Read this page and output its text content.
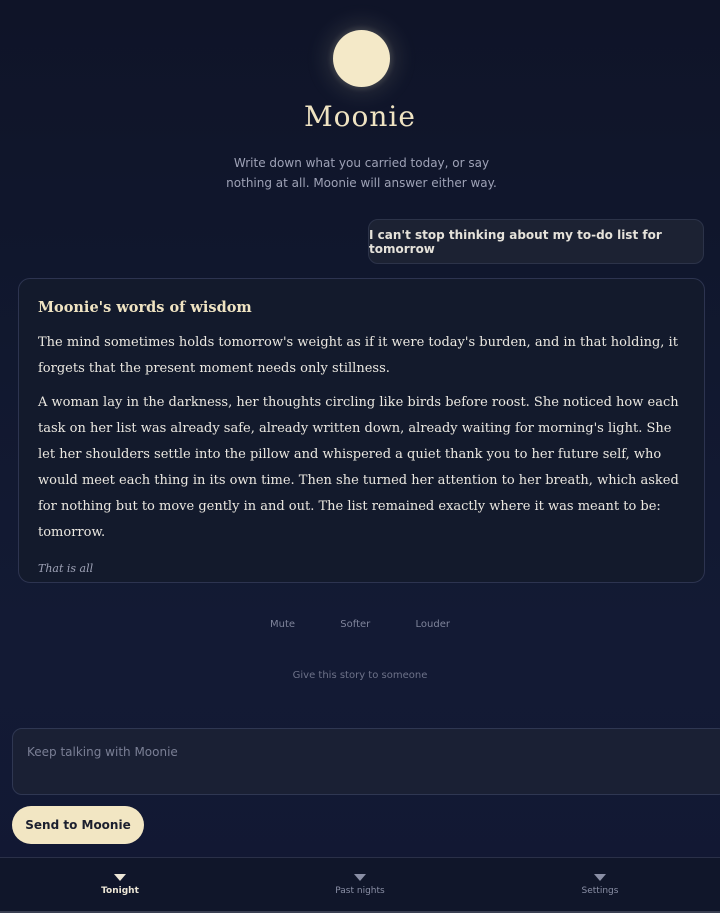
Moonie
Write down what you carried today, or say nothing at all. Moonie will answer either way.
I can't stop thinking about my to-do list for tomorrow
Moonie's words of wisdom

The mind sometimes holds tomorrow's weight as if it were today's burden, and in that holding, it forgets that the present moment needs only stillness.

A woman lay in the darkness, her thoughts circling like birds before roost. She noticed how each task on her list was already safe, already written down, already waiting for morning's light. She let her shoulders settle into the pillow and whispered a quiet thank you to her future self, who would meet each thing in its own time. Then she turned her attention to her breath, which asked for nothing but to move gently in and out. The list remained exactly where it was meant to be: tomorrow.

That is all
Mute	Softer	Louder
Give this story to someone
Keep talking with Moonie
Send to Moonie
Tonight	Past nights	Settings
